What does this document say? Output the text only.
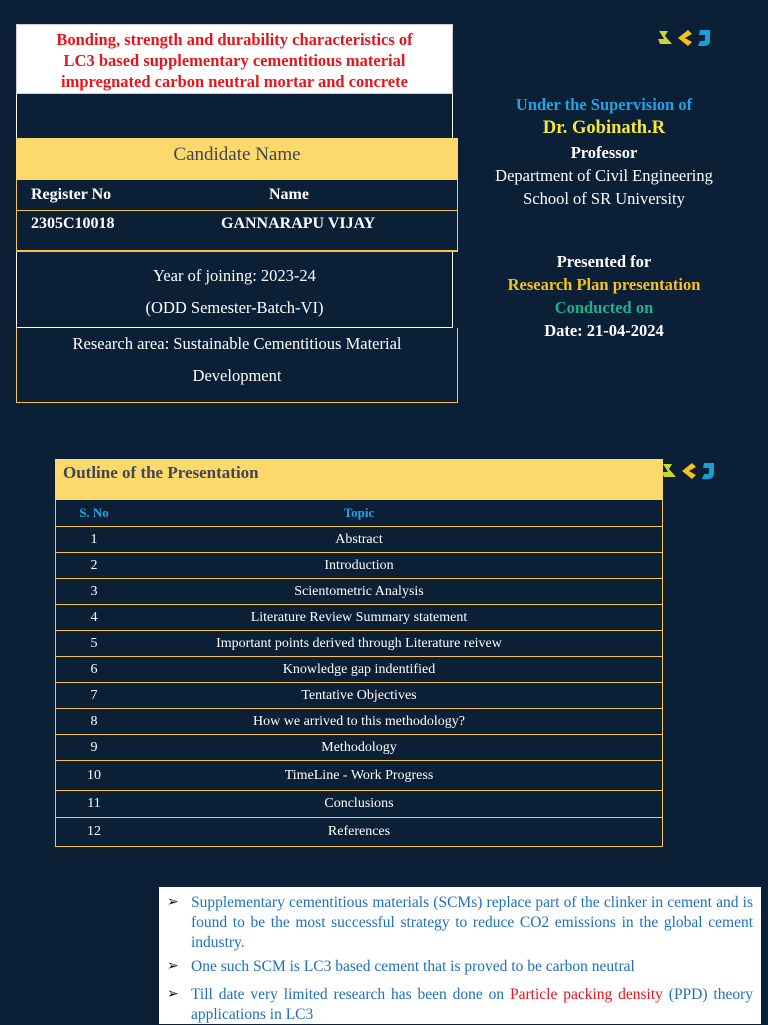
Bonding, strength and durability characteristics of
LC3 based supplementary cementitious material
impregnated carbon neutral mortar and concrete
Candidate Name
Register No	Name
2305C10018	GANNARAPU VIJAY
Year of joining: 2023-24
(ODD Semester-Batch-VI)
Research area: Sustainable Cementitious Material
Development
Under the Supervision of
Dr. Gobinath.R
Professor
Department of Civil Engineering
School of SR University
Presented for
Research Plan presentation
Conducted on
Date: 21-04-2024
Outline of the Presentation
S. No	Topic
1	Abstract
2	Introduction
3	Scientometric Analysis
4	Literature Review Summary statement
5	Important points derived through Literature reivew
6	Knowledge gap indentified
7	Tentative Objectives
8	How we arrived to this methodology?
9	Methodology
10	TimeLine - Work Progress
11	Conclusions
12	References
➢ Supplementary cementitious materials (SCMs) replace part of the clinker in cement and is found to be the most successful strategy to reduce CO2 emissions in the global cement industry.
➢ One such SCM is LC3 based cement that is proved to be carbon neutral
➢ Till date very limited research has been done on Particle packing density (PPD) theory applications in LC3
